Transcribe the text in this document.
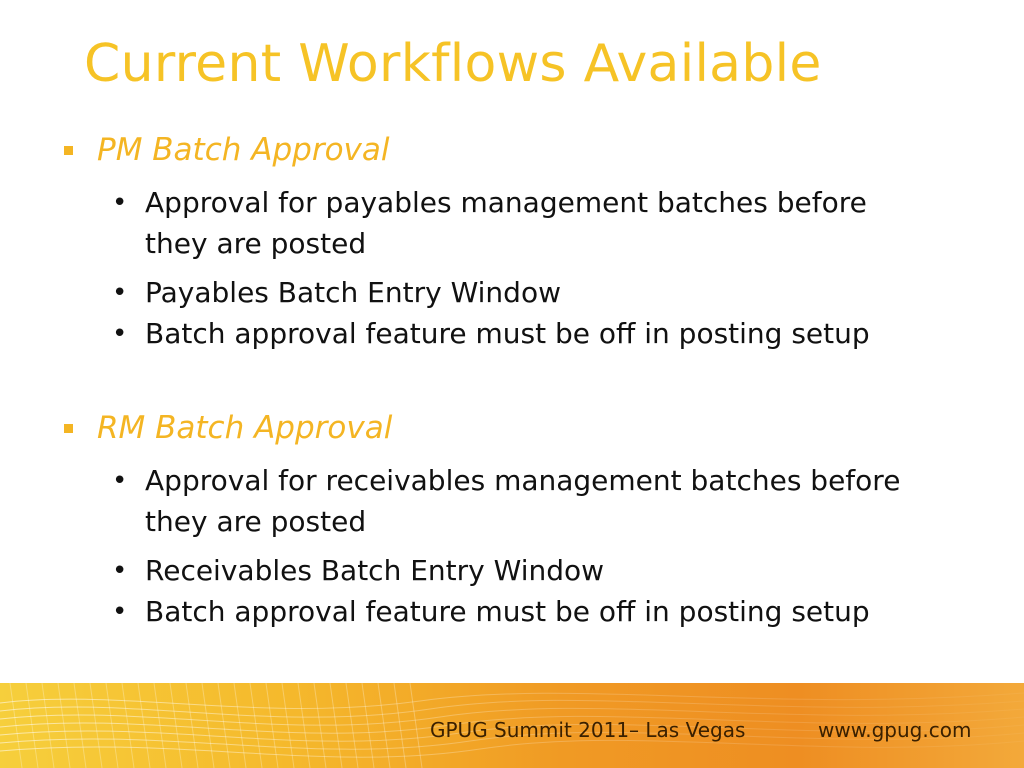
Current Workflows Available
PM Batch Approval
• Approval for payables management batches before they are posted
• Payables Batch Entry Window
• Batch approval feature must be off in posting setup
RM Batch Approval
• Approval for receivables management batches before they are posted
• Receivables Batch Entry Window
• Batch approval feature must be off in posting setup
GPUG Summit 2011– Las Vegas	www.gpug.com
